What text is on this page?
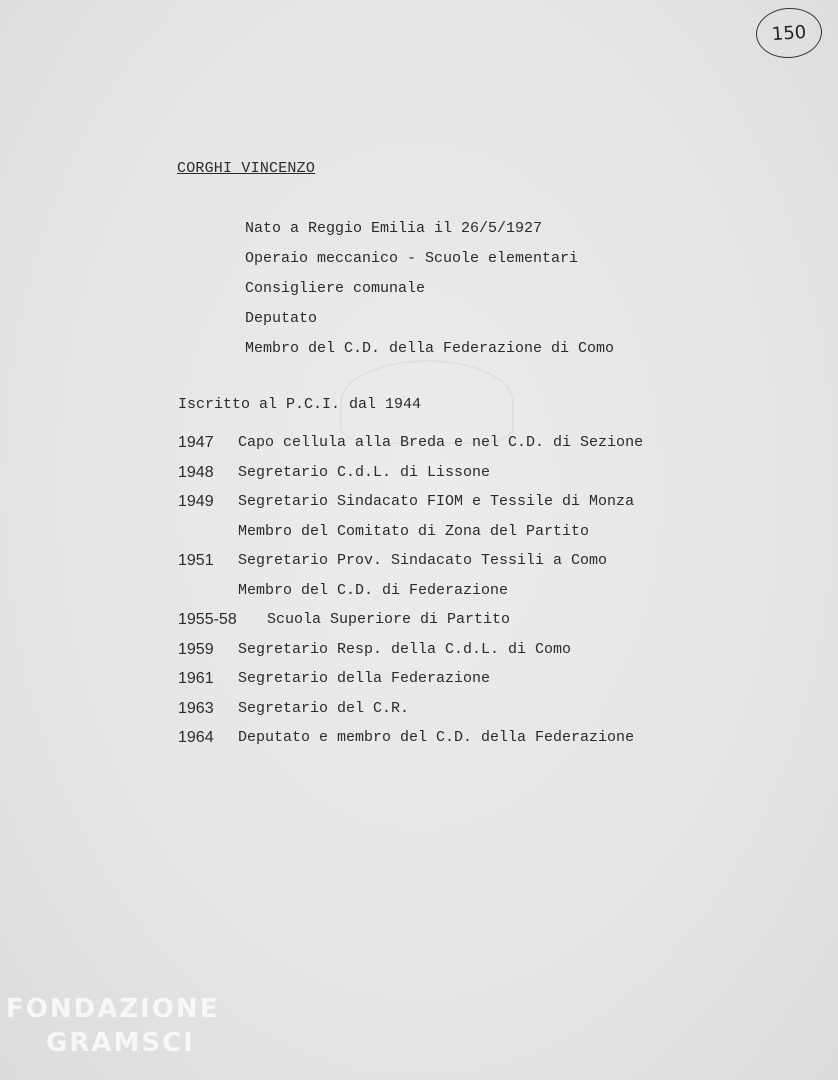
150
CORGHI VINCENZO
Nato a Reggio Emilia il 26/5/1927
Operaio meccanico - Scuole elementari
Consigliere comunale
Deputato
Membro del C.D. della Federazione di Como
Iscritto al P.C.I. dal 1944
1947	Capo cellula alla Breda e nel C.D. di Sezione
1948	Segretario C.d.L. di Lissone
1949	Segretario Sindacato FIOM e Tessile di Monza
Membro del Comitato di Zona del Partito
1951	Segretario Prov. Sindacato Tessili a Como
Membro del C.D. di Federazione
1955-58	Scuola Superiore di Partito
1959	Segretario Resp. della C.d.L. di Como
1961	Segretario della Federazione
1963	Segretario del C.R.
1964	Deputato e membro del C.D. della Federazione
FONDAZIONE
GRAMSCI
